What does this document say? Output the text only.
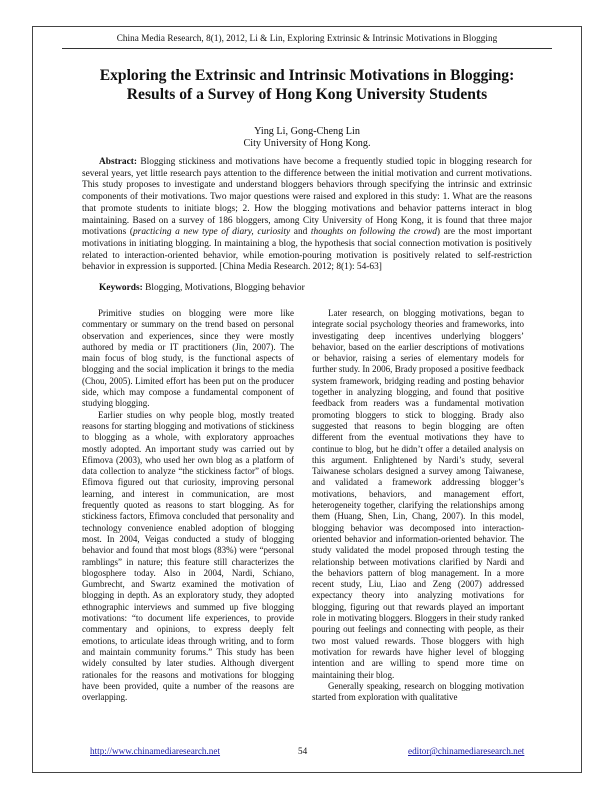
China Media Research, 8(1), 2012, Li & Lin, Exploring Extrinsic & Intrinsic Motivations in Blogging
Exploring the Extrinsic and Intrinsic Motivations in Blogging:
Results of a Survey of Hong Kong University Students
Ying Li, Gong-Cheng Lin
City University of Hong Kong.
Abstract: Blogging stickiness and motivations have become a frequently studied topic in blogging research for several years, yet little research pays attention to the difference between the initial motivation and current motivations. This study proposes to investigate and understand bloggers behaviors through specifying the intrinsic and extrinsic components of their motivations. Two major questions were raised and explored in this study: 1. What are the reasons that promote students to initiate blogs; 2. How the blogging motivations and behavior patterns interact in blog maintaining. Based on a survey of 186 bloggers, among City University of Hong Kong, it is found that three major motivations (practicing a new type of diary, curiosity and thoughts on following the crowd) are the most important motivations in initiating blogging. In maintaining a blog, the hypothesis that social connection motivation is positively related to interaction-oriented behavior, while emotion-pouring motivation is positively related to self-restriction behavior in expression is supported. [China Media Research. 2012; 8(1): 54-63]
Keywords: Blogging, Motivations, Blogging behavior

Primitive studies on blogging were more like commentary or summary on the trend based on personal observation and experiences, since they were mostly authored by media or IT practitioners (Jin, 2007). The main focus of blog study, is the functional aspects of blogging and the social implication it brings to the media (Chou, 2005). Limited effort has been put on the producer side, which may compose a fundamental component of studying blogging.

Earlier studies on why people blog, mostly treated reasons for starting blogging and motivations of stickiness to blogging as a whole, with exploratory approaches mostly adopted. An important study was carried out by Efimova (2003), who used her own blog as a platform of data collection to analyze “the stickiness factor” of blogs. Efimova figured out that curiosity, improving personal learning, and interest in communication, are most frequently quoted as reasons to start blogging. As for stickiness factors, Efimova concluded that personality and technology convenience enabled adoption of blogging most. In 2004, Veigas conducted a study of blogging behavior and found that most blogs (83%) were “personal ramblings” in nature; this feature still characterizes the blogosphere today. Also in 2004, Nardi, Schiano, Gumbrecht, and Swartz examined the motivation of blogging in depth. As an exploratory study, they adopted ethnographic interviews and summed up five blogging motivations: “to document life experiences, to provide commentary and opinions, to express deeply felt emotions, to articulate ideas through writing, and to form and maintain community forums.” This study has been widely consulted by later studies. Although divergent rationales for the reasons and motivations for blogging have been provided, quite a number of the reasons are overlapping.

Later research, on blogging motivations, began to integrate social psychology theories and frameworks, into investigating deep incentives underlying bloggers’ behavior, based on the earlier descriptions of motivations or behavior, raising a series of elementary models for further study. In 2006, Brady proposed a positive feedback system framework, bridging reading and posting behavior together in analyzing blogging, and found that positive feedback from readers was a fundamental motivation promoting bloggers to stick to blogging. Brady also suggested that reasons to begin blogging are often different from the eventual motivations they have to continue to blog, but he didn’t offer a detailed analysis on this argument. Enlightened by Nardi’s study, several Taiwanese scholars designed a survey among Taiwanese, and validated a framework addressing blogger’s motivations, behaviors, and management effort, heterogeneity together, clarifying the relationships among them (Huang, Shen, Lin, Chang, 2007). In this model, blogging behavior was decomposed into interaction-oriented behavior and information-oriented behavior. The study validated the model proposed through testing the relationship between motivations clarified by Nardi and the behaviors pattern of blog management. In a more recent study, Liu, Liao and Zeng (2007) addressed expectancy theory into analyzing motivations for blogging, figuring out that rewards played an important role in motivating bloggers. Bloggers in their study ranked pouring out feelings and connecting with people, as their two most valued rewards. Those bloggers with high motivation for rewards have higher level of blogging intention and are willing to spend more time on maintaining their blog.

Generally speaking, research on blogging motivation started from exploration with qualitative

http://www.chinamediaresearch.net	54	editor@chinamediaresearch.net
